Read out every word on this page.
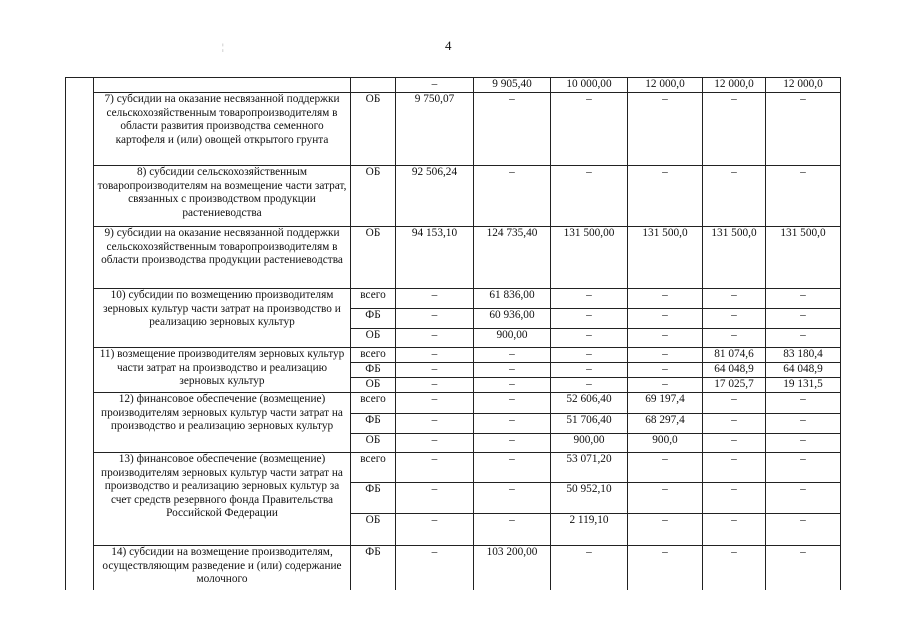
4
¦
			–	9 905,40	10 000,00	12 000,0	12 000,0	12 000,0
	7) субсидии на оказание несвязанной поддержки сельскохозяйственным товаропроизводителям в области развития производства семенного картофеля и (или) овощей открытого грунта	ОБ	9 750,07	–	–	–	–	–
	8) субсидии сельскохозяйственным товаропроизводителям на возмещение части затрат, связанных с производством продукции растениеводства	ОБ	92 506,24	–	–	–	–	–
	9) субсидии на оказание несвязанной поддержки сельскохозяйственным товаропроизводителям в области производства продукции растениеводства	ОБ	94 153,10	124 735,40	131 500,00	131 500,0	131 500,0	131 500,0
	10) субсидии по возмещению производителям зерновых культур части затрат на производство и реализацию зерновых культур	всего	–	61 836,00	–	–	–	–
		ФБ	–	60 936,00	–	–	–	–
		ОБ	–	900,00	–	–	–	–
	11) возмещение производителям зерновых культур части затрат на производство и реализацию зерновых культур	всего	–	–	–	–	81 074,6	83 180,4
		ФБ	–	–	–	–	64 048,9	64 048,9
		ОБ	–	–	–	–	17 025,7	19 131,5
	12) финансовое обеспечение (возмещение) производителям зерновых культур части затрат на производство и реализацию зерновых культур	всего	–	–	52 606,40	69 197,4	–	–
		ФБ	–	–	51 706,40	68 297,4	–	–
		ОБ	–	–	900,00	900,0	–	–
	13) финансовое обеспечение (возмещение) производителям зерновых культур части затрат на производство и реализацию зерновых культур за счет средств резервного фонда Правительства Российской Федерации	всего	–	–	53 071,20	–	–	–
		ФБ	–	–	50 952,10	–	–	–
		ОБ	–	–	2 119,10	–	–	–
	14) субсидии на возмещение производителям, осуществляющим разведение и (или) содержание молочного	ФБ	–	103 200,00	–	–	–	–
